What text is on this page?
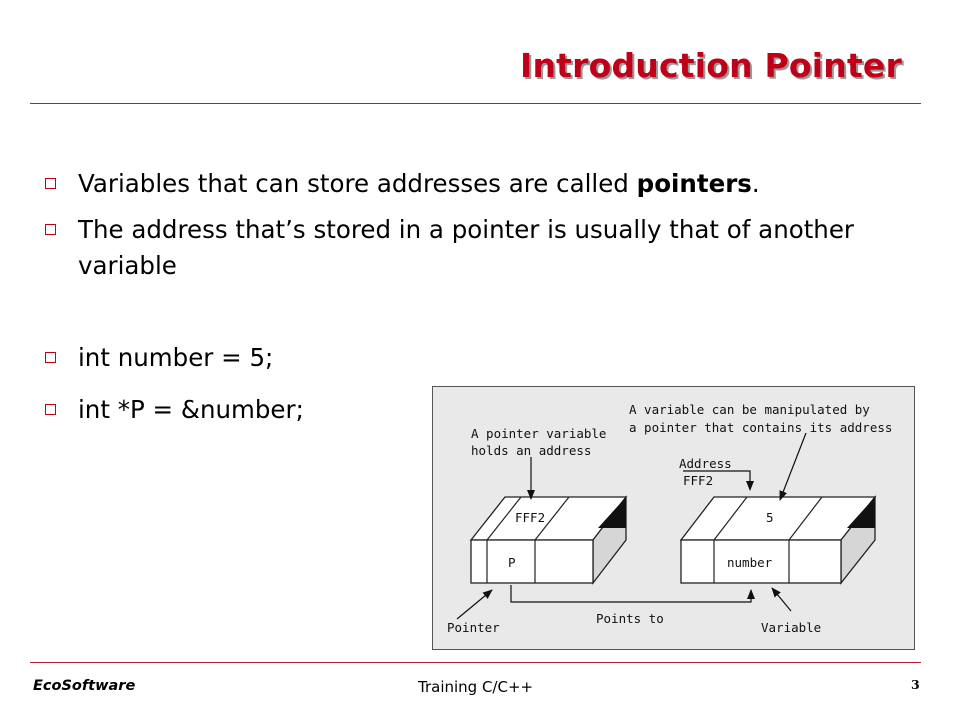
Introduction Pointer
Variables that can store addresses are called pointers.
The address that’s stored in a pointer is usually that of another variable
int number = 5;
int *P = &number;	A variable can be manipulated by
a pointer that contains its address
A pointer variable
holds an address
Address
FFF2
FFF2	5
P	number
Pointer
Points to
Variable
EcoSoftware	Training C/C++	3
